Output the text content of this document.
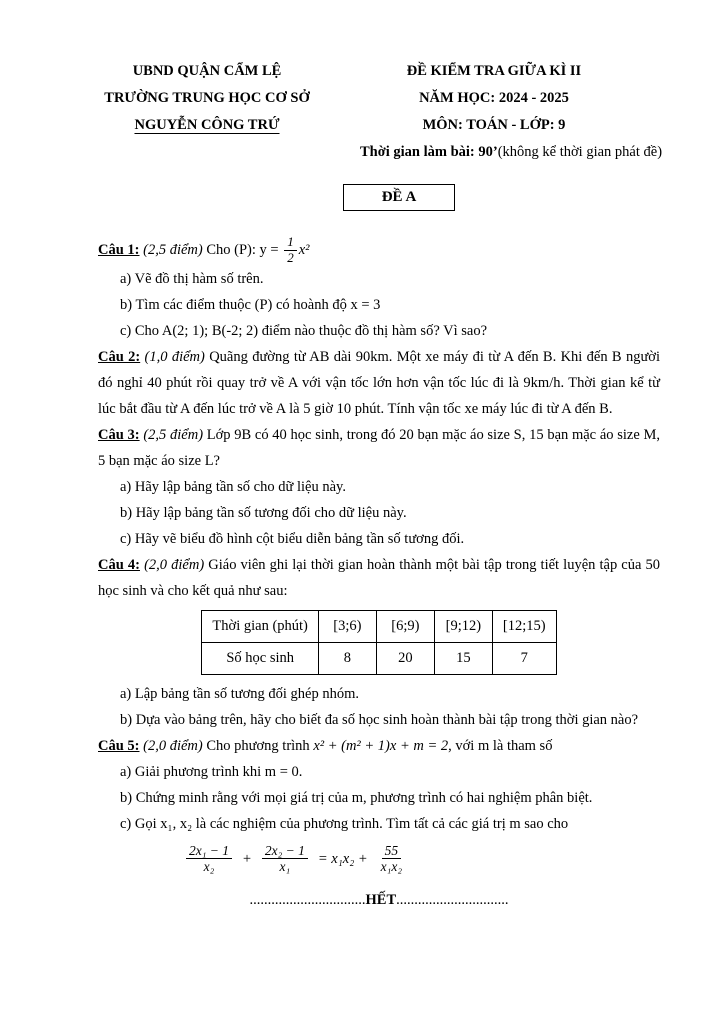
UBND QUẬN CẨM LỆ
TRƯỜNG TRUNG HỌC CƠ SỞ
NGUYỄN CÔNG TRỨ
ĐỀ KIỂM TRA GIỮA KÌ II
NĂM HỌC: 2024 - 2025
MÔN: TOÁN - LỚP: 9
Thời gian làm bài: 90’(không kể thời gian phát đề)
ĐỀ A

Câu 1: (2,5 điểm) Cho (P): $y = \frac{1}{2} x^2$

a) Vẽ đồ thị hàm số trên.

b) Tìm các điểm thuộc (P) có hoành độ x = 3

c) Cho A(2; 1); B(-2; 2) điểm nào thuộc đồ thị hàm số? Vì sao?

Câu 2: (1,0 điểm) Quãng đường từ AB dài 90km. Một xe máy đi từ A đến B. Khi đến B người đó nghỉ 40 phút rồi quay trở về A với vận tốc lớn hơn vận tốc lúc đi là 9km/h. Thời gian kể từ lúc bắt đầu từ A đến lúc trở về A là 5 giờ 10 phút. Tính vận tốc xe máy lúc đi từ A đến B.

Câu 3: (2,5 điểm) Lớp 9B có 40 học sinh, trong đó 20 bạn mặc áo size S, 15 bạn mặc áo size M, 5 bạn mặc áo size L?

a) Hãy lập bảng tần số cho dữ liệu này.

b) Hãy lập bảng tần số tương đối cho dữ liệu này.

c) Hãy vẽ biểu đồ hình cột biểu diễn bảng tần số tương đối.

Câu 4: (2,0 điểm) Giáo viên ghi lại thời gian hoàn thành một bài tập trong tiết luyện tập của 50 học sinh và cho kết quả như sau:

Thời gian (phút)	[3;6)	[6;9)	[9;12)	[12;15)
Số học sinh	8	20	15	7

a) Lập bảng tần số tương đối ghép nhóm.

b) Dựa vào bảng trên, hãy cho biết đa số học sinh hoàn thành bài tập trong thời gian nào?

Câu 5: (2,0 điểm) Cho phương trình x² + (m² + 1)x + m = 2, với m là tham số

a) Giải phương trình khi m = 0.

b) Chứng minh rằng với mọi giá trị của m, phương trình có hai nghiệm phân biệt.

c) Gọi x₁, x₂ là các nghiệm của phương trình. Tìm tất cả các giá trị m sao cho

$\frac{\text{2x₁ − 1}}{\text{x₂}} + \frac{\text{2x₂ − 1}}{\text{x₁}} = x_1x_2 + \frac{55}{\text{x₁x₂}}$

................................HẾT...............................
